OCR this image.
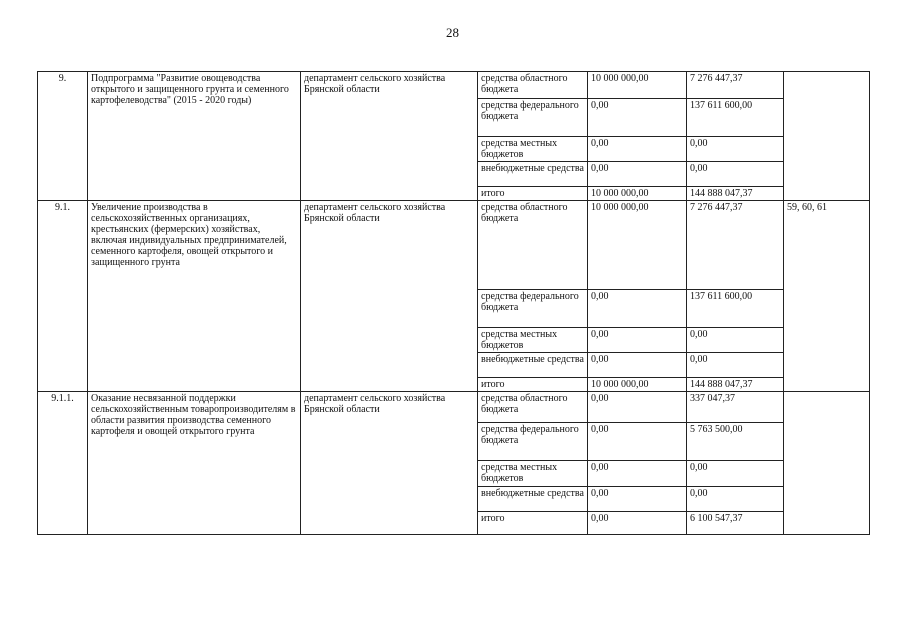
28
9.	Подпрограмма "Развитие овощеводства открытого и защищенного грунта и семенного картофелеводства" (2015 - 2020 годы)	департамент сельского хозяйства Брянской области	средства областного бюджета	10 000 000,00	7 276 447,37	
			средства федерального бюджета	0,00	137 611 600,00	
			средства местных бюджетов	0,00	0,00	
			внебюджетные средства	0,00	0,00	
			итого	10 000 000,00	144 888 047,37	
9.1.	Увеличение производства в сельскохозяйственных организациях, крестьянских (фермерских) хозяйствах, включая индивидуальных предпринимателей, семенного картофеля, овощей открытого и защищенного грунта	департамент сельского хозяйства Брянской области	средства областного бюджета	10 000 000,00	7 276 447,37	59, 60, 61
			средства федерального бюджета	0,00	137 611 600,00	
			средства местных бюджетов	0,00	0,00	
			внебюджетные средства	0,00	0,00	
			итого	10 000 000,00	144 888 047,37	
9.1.1.	Оказание несвязанной поддержки сельскохозяйственным товаропроизводителям в области развития производства семенного картофеля и овощей открытого грунта	департамент сельского хозяйства Брянской области	средства областного бюджета	0,00	337 047,37	
			средства федерального бюджета	0,00	5 763 500,00	
			средства местных бюджетов	0,00	0,00	
			внебюджетные средства	0,00	0,00	
			итого	0,00	6 100 547,37	
